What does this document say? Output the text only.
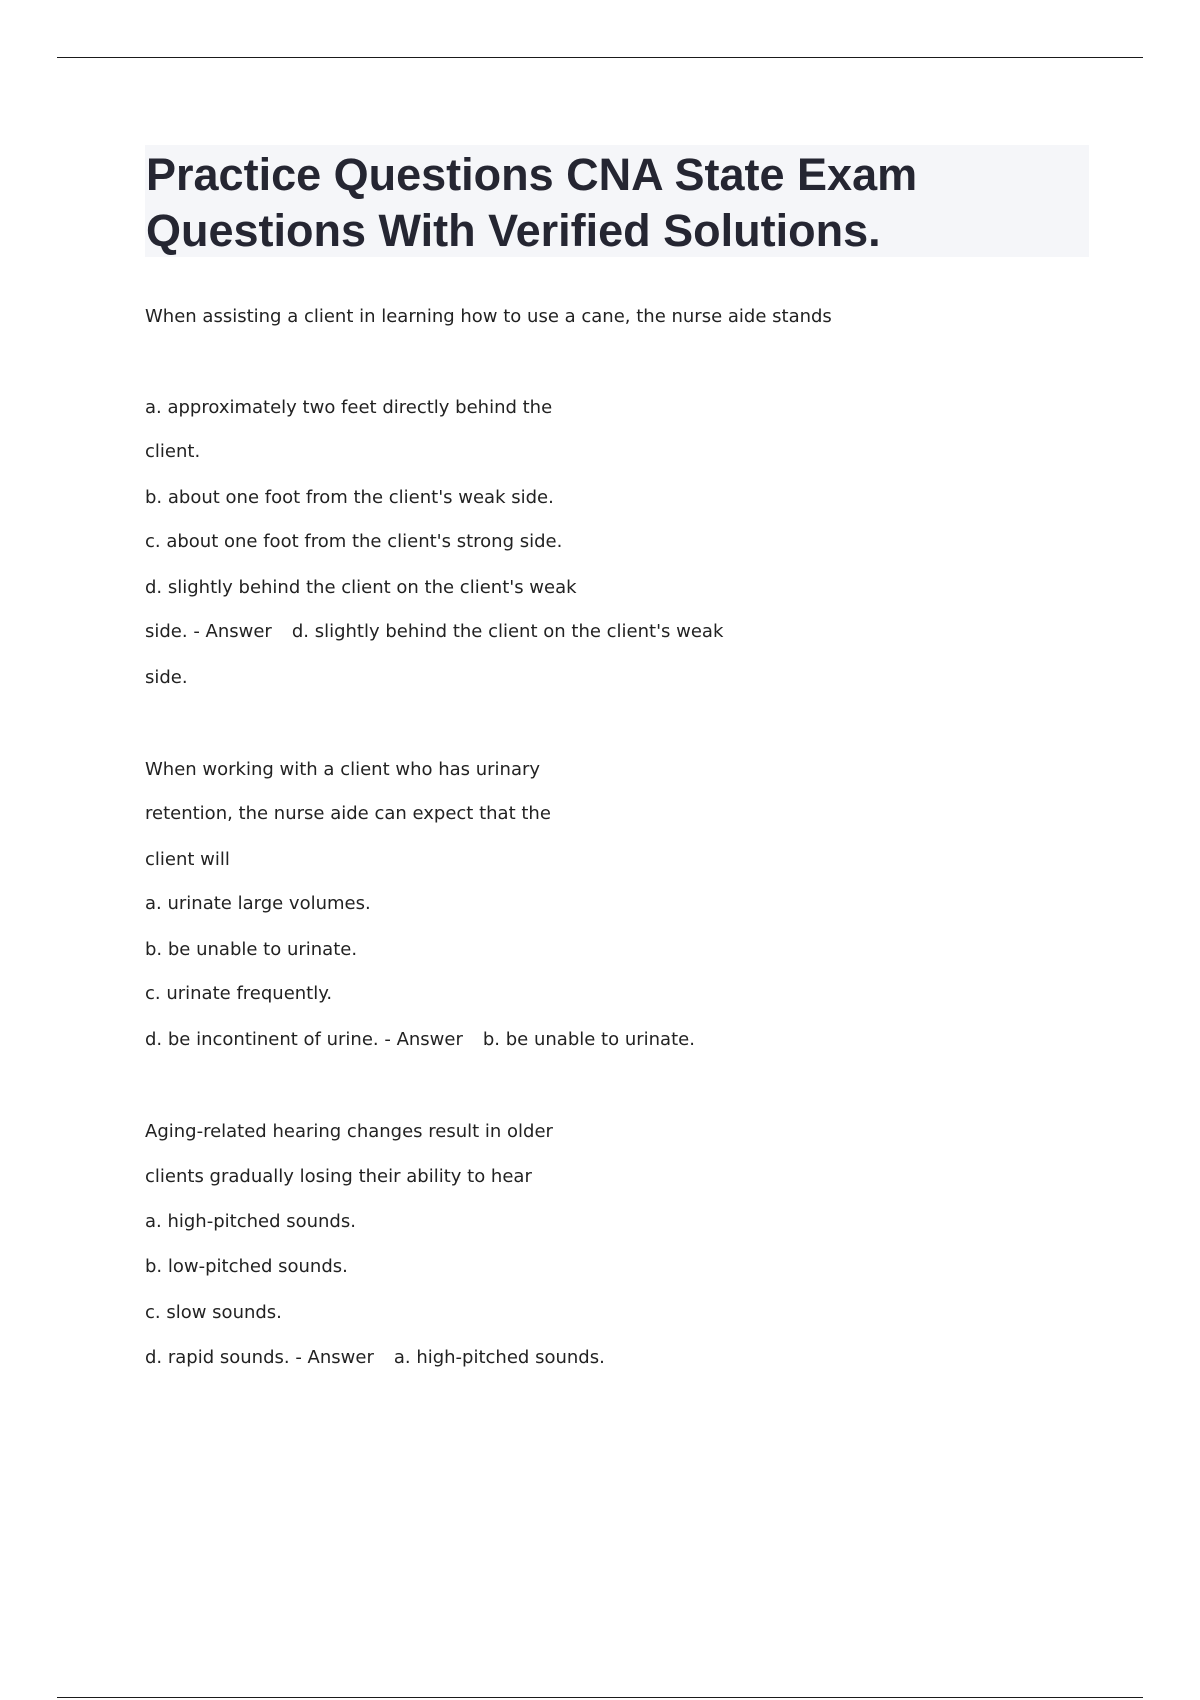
Practice Questions CNA State Exam
Questions With Verified Solutions.
When assisting a client in learning how to use a cane, the nurse aide stands
a. approximately two feet directly behind the
client.
b. about one foot from the client's weak side.
c. about one foot from the client's strong side.
d. slightly behind the client on the client's weak
side. - Answer d. slightly behind the client on the client's weak
side.
When working with a client who has urinary
retention, the nurse aide can expect that the
client will
a. urinate large volumes.
b. be unable to urinate.
c. urinate frequently.
d. be incontinent of urine. - Answer b. be unable to urinate.
Aging-related hearing changes result in older
clients gradually losing their ability to hear
a. high-pitched sounds.
b. low-pitched sounds.
c. slow sounds.
d. rapid sounds. - Answer a. high-pitched sounds.
